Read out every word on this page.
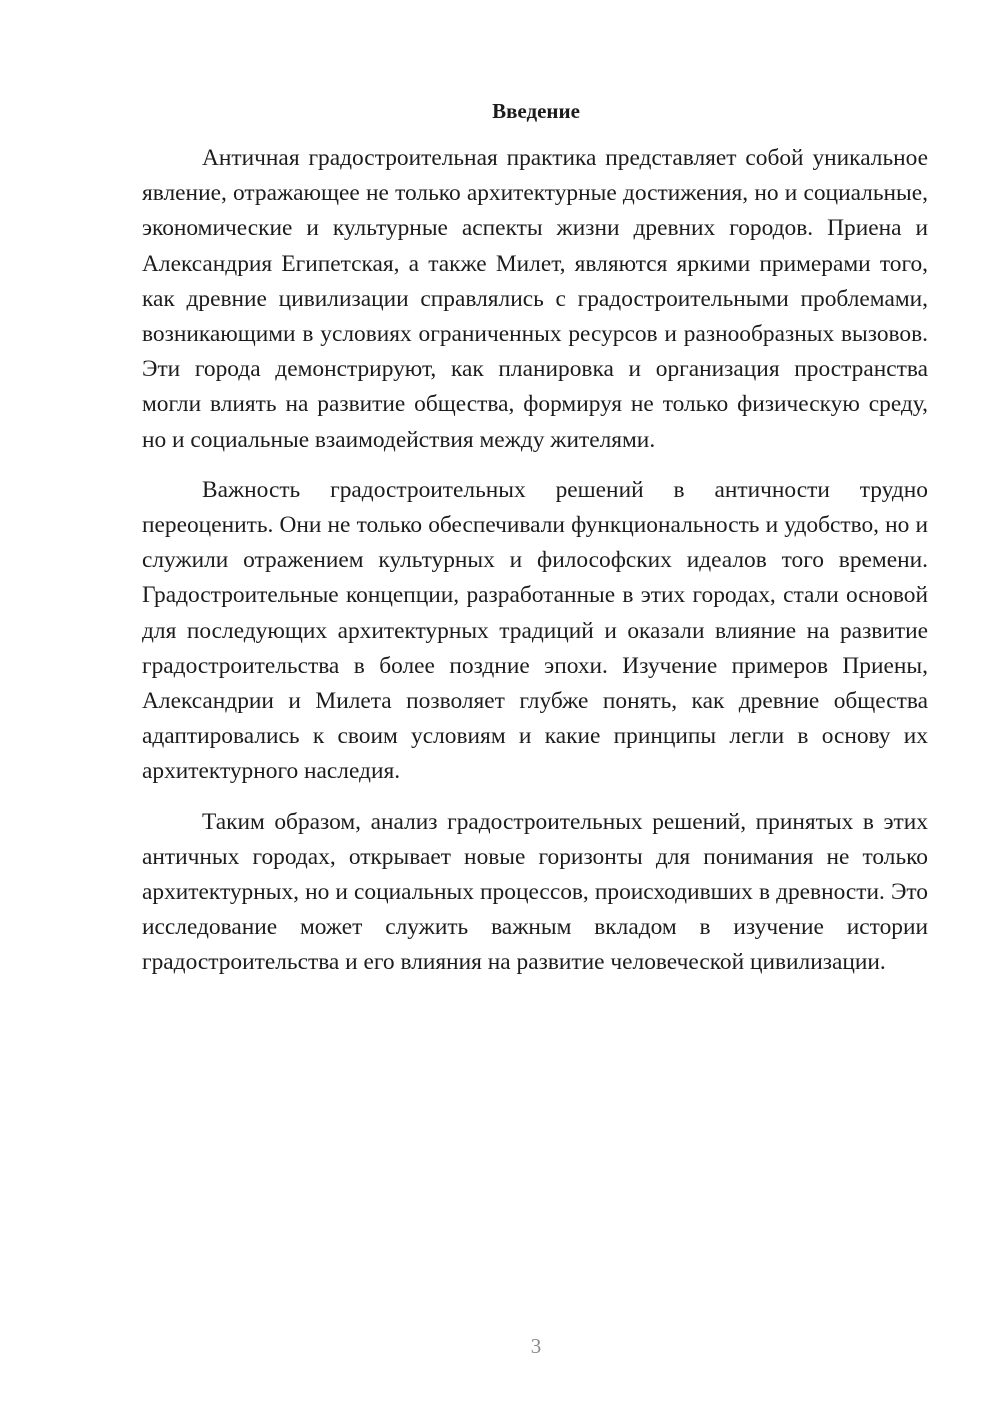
Введение

Античная градостроительная практика представляет собой уникальное явление, отражающее не только архитектурные достижения, но и социальные, экономические и культурные аспекты жизни древних городов. Приена и Александрия Египетская, а также Милет, являются яркими примерами того, как древние цивилизации справлялись с градостроительными проблемами, возникающими в условиях ограниченных ресурсов и разнообразных вызовов. Эти города демонстрируют, как планировка и организация пространства могли влиять на развитие общества, формируя не только физическую среду, но и социальные взаимодействия между жителями.

Важность градостроительных решений в античности трудно переоценить. Они не только обеспечивали функциональность и удобство, но и служили отражением культурных и философских идеалов того времени. Градостроительные концепции, разработанные в этих городах, стали основой для последующих архитектурных традиций и оказали влияние на развитие градостроительства в более поздние эпохи. Изучение примеров Приены, Александрии и Милета позволяет глубже понять, как древние общества адаптировались к своим условиям и какие принципы легли в основу их архитектурного наследия.

Таким образом, анализ градостроительных решений, принятых в этих античных городах, открывает новые горизонты для понимания не только архитектурных, но и социальных процессов, происходивших в древности. Это исследование может служить важным вкладом в изучение истории градостроительства и его влияния на развитие человеческой цивилизации.

3
